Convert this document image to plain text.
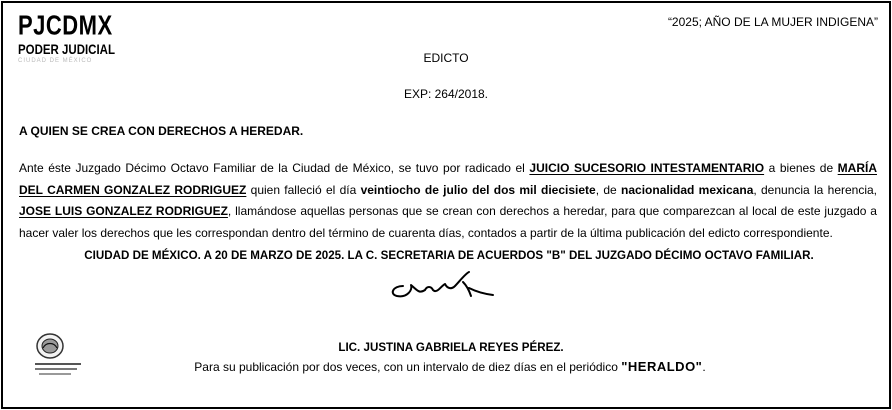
PJCDMX
PODER JUDICIAL
CIUDAD DE MÉXICO
“2025; AÑO DE LA MUJER INDIGENA”
EDICTO
EXP: 264/2018.
A QUIEN SE CREA CON DERECHOS A HEREDAR.
Ante éste Juzgado Décimo Octavo Familiar de la Ciudad de México, se tuvo por radicado el JUICIO SUCESORIO INTESTAMENTARIO a bienes de MARÍA DEL CARMEN GONZALEZ RODRIGUEZ quien falleció el día veintiocho de julio del dos mil diecisiete, de nacionalidad mexicana, denuncia la herencia, JOSE LUIS GONZALEZ RODRIGUEZ, llamándose aquellas personas que se crean con derechos a heredar, para que comparezcan al local de este juzgado a hacer valer los derechos que les correspondan dentro del término de cuarenta días, contados a partir de la última publicación del edicto correspondiente.
CIUDAD DE MÉXICO. A 20 DE MARZO DE 2025. LA C. SECRETARIA DE ACUERDOS "B" DEL JUZGADO DÉCIMO OCTAVO FAMILIAR.
LIC. JUSTINA GABRIELA REYES PÉREZ.
Para su publicación por dos veces, con un intervalo de diez días en el periódico "HERALDO".
